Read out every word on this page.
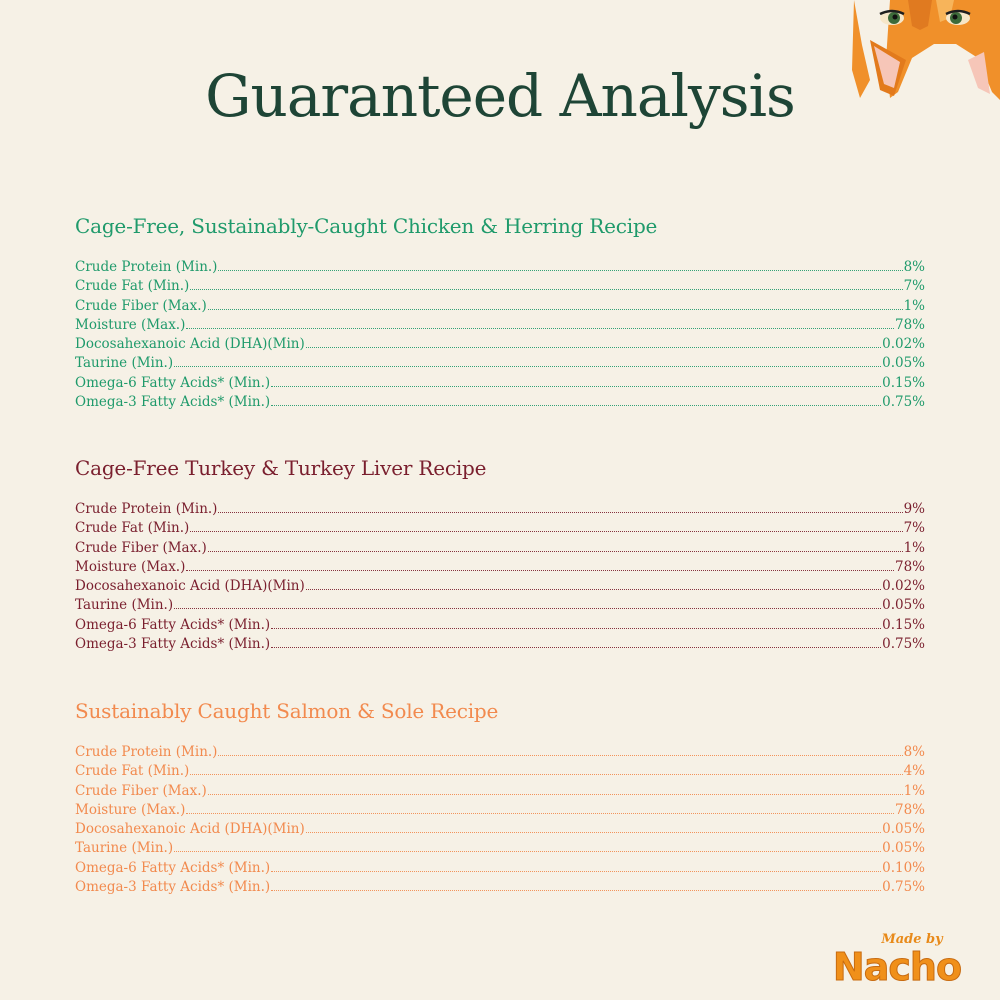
Guaranteed Analysis
Cage-Free, Sustainably-Caught Chicken & Herring Recipe
Crude Protein (Min.)	8%
Crude Fat (Min.)	7%
Crude Fiber (Max.)	1%
Moisture (Max.)	78%
Docosahexanoic Acid (DHA)(Min)	0.02%
Taurine (Min.)	0.05%
Omega-6 Fatty Acids* (Min.)	0.15%
Omega-3 Fatty Acids* (Min.)	0.75%
Cage-Free Turkey & Turkey Liver Recipe
Crude Protein (Min.)	9%
Crude Fat (Min.)	7%
Crude Fiber (Max.)	1%
Moisture (Max.)	78%
Docosahexanoic Acid (DHA)(Min)	0.02%
Taurine (Min.)	0.05%
Omega-6 Fatty Acids* (Min.)	0.15%
Omega-3 Fatty Acids* (Min.)	0.75%
Sustainably Caught Salmon & Sole Recipe
Crude Protein (Min.)	8%
Crude Fat (Min.)	4%
Crude Fiber (Max.)	1%
Moisture (Max.)	78%
Docosahexanoic Acid (DHA)(Min)	0.05%
Taurine (Min.)	0.05%
Omega-6 Fatty Acids* (Min.)	0.10%
Omega-3 Fatty Acids* (Min.)	0.75%
Made by
Nacho
